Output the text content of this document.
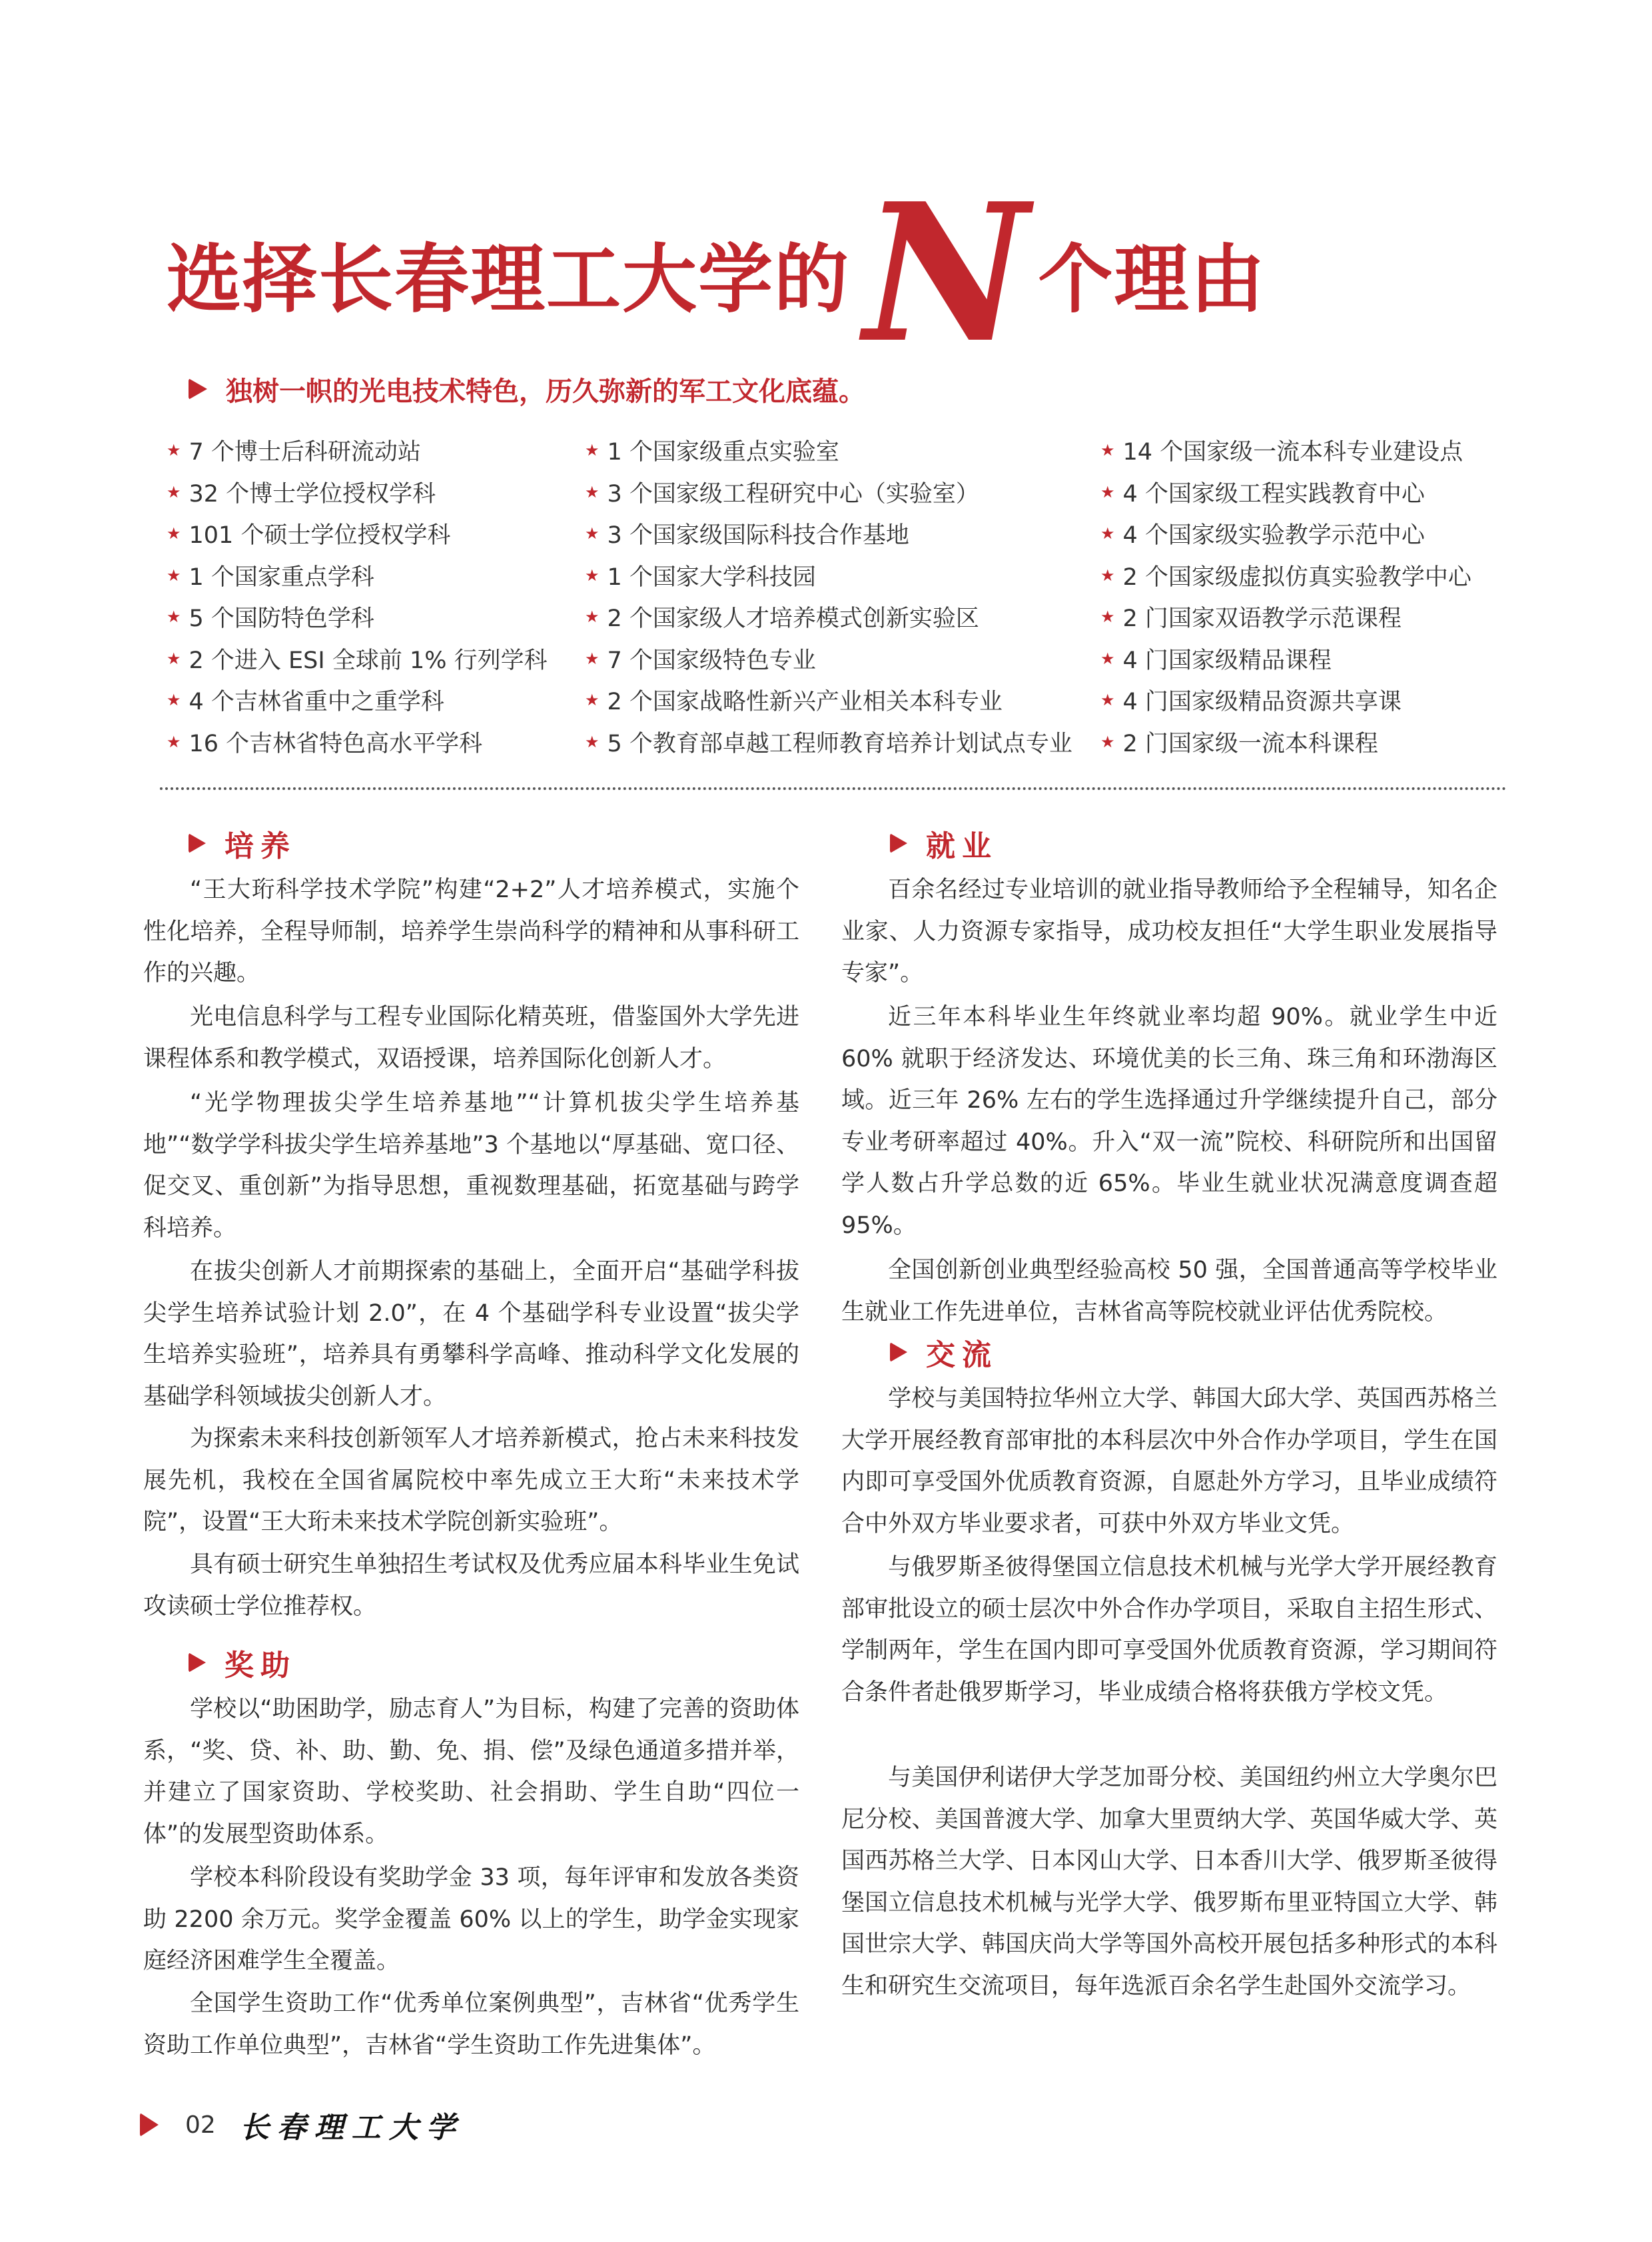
选择长春理工大学的 N 个理由
独树一帜的光电技术特色，历久弥新的军工文化底蕴。
★ 7 个博士后科研流动站
★ 32 个博士学位授权学科
★ 101 个硕士学位授权学科
★ 1 个国家重点学科
★ 5 个国防特色学科
★ 2 个进入 ESI 全球前 1% 行列学科
★ 4 个吉林省重中之重学科
★ 16 个吉林省特色高水平学科
★ 1 个国家级重点实验室
★ 3 个国家级工程研究中心（实验室）
★ 3 个国家级国际科技合作基地
★ 1 个国家大学科技园
★ 2 个国家级人才培养模式创新实验区
★ 7 个国家级特色专业
★ 2 个国家战略性新兴产业相关本科专业
★ 5 个教育部卓越工程师教育培养计划试点专业
★ 14 个国家级一流本科专业建设点
★ 4 个国家级工程实践教育中心
★ 4 个国家级实验教学示范中心
★ 2 个国家级虚拟仿真实验教学中心
★ 2 门国家双语教学示范课程
★ 4 门国家级精品课程
★ 4 门国家级精品资源共享课
★ 2 门国家级一流本科课程
培养

“王大珩科学技术学院”构建“2+2”人才培养模式，实施个性化培养，全程导师制，培养学生崇尚科学的精神和从事科研工作的兴趣。

光电信息科学与工程专业国际化精英班，借鉴国外大学先进课程体系和教学模式，双语授课，培养国际化创新人才。

“光学物理拔尖学生培养基地”“计算机拔尖学生培养基地”“数学学科拔尖学生培养基地”3 个基地以“厚基础、宽口径、促交叉、重创新”为指导思想，重视数理基础，拓宽基础与跨学科培养。

在拔尖创新人才前期探索的基础上，全面开启“基础学科拔尖学生培养试验计划 2.0”，在 4 个基础学科专业设置“拔尖学生培养实验班”，培养具有勇攀科学高峰、推动科学文化发展的基础学科领域拔尖创新人才。

为探索未来科技创新领军人才培养新模式，抢占未来科技发展先机，我校在全国省属院校中率先成立王大珩“未来技术学院”，设置“王大珩未来技术学院创新实验班”。

具有硕士研究生单独招生考试权及优秀应届本科毕业生免试攻读硕士学位推荐权。

奖助

学校以“助困助学，励志育人”为目标，构建了完善的资助体系，“奖、贷、补、助、勤、免、捐、偿”及绿色通道多措并举，并建立了国家资助、学校奖助、社会捐助、学生自助“四位一体”的发展型资助体系。

学校本科阶段设有奖助学金 33 项，每年评审和发放各类资助 2200 余万元。奖学金覆盖 60% 以上的学生，助学金实现家庭经济困难学生全覆盖。

全国学生资助工作“优秀单位案例典型”，吉林省“优秀学生资助工作单位典型”，吉林省“学生资助工作先进集体”。

就业

百余名经过专业培训的就业指导教师给予全程辅导，知名企业家、人力资源专家指导，成功校友担任“大学生职业发展指导专家”。

近三年本科毕业生年终就业率均超 90%。就业学生中近 60% 就职于经济发达、环境优美的长三角、珠三角和环渤海区域。近三年 26% 左右的学生选择通过升学继续提升自己，部分专业考研率超过 40%。升入“双一流”院校、科研院所和出国留学人数占升学总数的近 65%。毕业生就业状况满意度调查超 95%。

全国创新创业典型经验高校 50 强，全国普通高等学校毕业生就业工作先进单位，吉林省高等院校就业评估优秀院校。

交流

学校与美国特拉华州立大学、韩国大邱大学、英国西苏格兰大学开展经教育部审批的本科层次中外合作办学项目，学生在国内即可享受国外优质教育资源，自愿赴外方学习，且毕业成绩符合中外双方毕业要求者，可获中外双方毕业文凭。

与俄罗斯圣彼得堡国立信息技术机械与光学大学开展经教育部审批设立的硕士层次中外合作办学项目，采取自主招生形式、学制两年，学生在国内即可享受国外优质教育资源，学习期间符合条件者赴俄罗斯学习，毕业成绩合格将获俄方学校文凭。

与美国伊利诺伊大学芝加哥分校、美国纽约州立大学奥尔巴尼分校、美国普渡大学、加拿大里贾纳大学、英国华威大学、英国西苏格兰大学、日本冈山大学、日本香川大学、俄罗斯圣彼得堡国立信息技术机械与光学大学、俄罗斯布里亚特国立大学、韩国世宗大学、韩国庆尚大学等国外高校开展包括多种形式的本科生和研究生交流项目，每年选派百余名学生赴国外交流学习。

02 长春理工大学
